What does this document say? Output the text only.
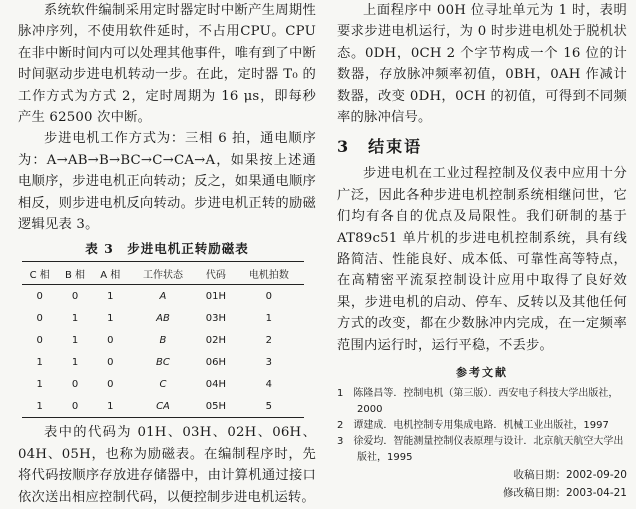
系统软件编制采用定时器定时中断产生周期性脉冲序列，不使用软件延时，不占用CPU。CPU在非中断时间内可以处理其他事件，唯有到了中断时间驱动步进电机转动一步。在此，定时器 T₀ 的工作方式为方式 2，定时周期为 16 μs，即每秒产生 62500 次中断。

步进电机工作方式为：三相 6 拍，通电顺序为：A→AB→B→BC→C→CA→A，如果按上述通电顺序，步进电机正向转动；反之，如果通电顺序相反，则步进电机反向转动。步进电机正转的励磁逻辑见表 3。

表 3　步进电机正转励磁表
C 相	B 相	A 相	工作状态	代码	电机拍数
0	0	1	A	01H	0
0	1	1	AB	03H	1
0	1	0	B	02H	2
1	1	0	BC	06H	3
1	0	0	C	04H	4
1	0	1	CA	05H	5

表中的代码为 01H、03H、02H、06H、04H、05H，也称为励磁表。在编制程序时，先将代码按顺序存放进存储器中，由计算机通过接口依次送出相应控制代码，以便控制步进电机运转。

上面程序中 00H 位寻址单元为 1 时，表明要求步进电机运行，为 0 时步进电机处于脱机状态。0DH，0CH 2 个字节构成一个 16 位的计数器，存放脉冲频率初值，0BH，0AH 作减计数器，改变 0DH，0CH 的初值，可得到不同频率的脉冲信号。

3　结束语

步进电机在工业过程控制及仪表中应用十分广泛，因此各种步进电机控制系统相继问世，它们均有各自的优点及局限性。我们研制的基于AT89c51 单片机的步进电机控制系统，具有线路简洁、性能良好、成本低、可靠性高等特点，在高精密平流泵控制设计应用中取得了良好效果，步进电机的启动、停车、反转以及其他任何方式的改变，都在少数脉冲内完成，在一定频率范围内运行时，运行平稳，不丢步。

参考文献

1　陈隆昌等．控制电机（第三版）．西安电子科技大学出版社，2000

2　谭建成．电机控制专用集成电路．机械工业出版社，1997

3　徐爱均．智能测量控制仪表原理与设计．北京航天航空大学出版社，1995

收稿日期：2002-09-20

修改稿日期：2003-04-21
